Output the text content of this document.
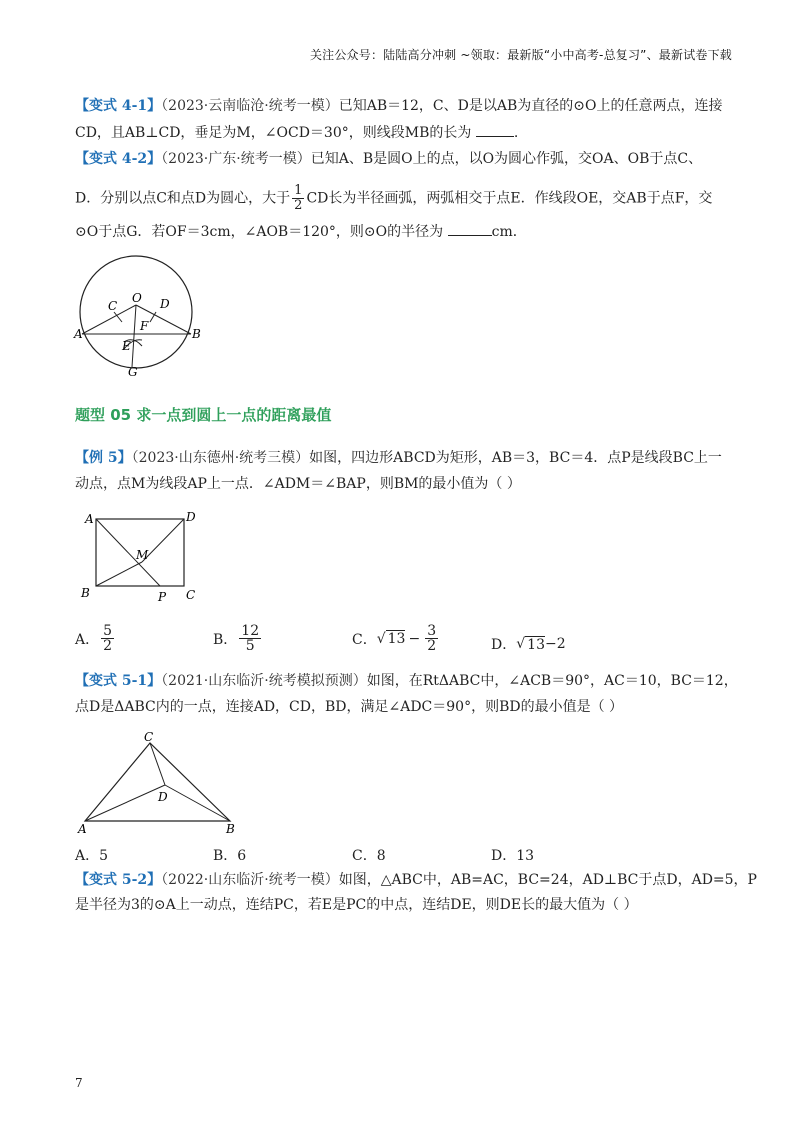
关注公众号：陆陆高分冲刺 ~领取：最新版“小中高考-总复习”、最新试卷下载
【变式 4-1】（2023·云南临沧·统考一模）已知AB＝12，C、D是以AB为直径的⊙O上的任意两点，连接
CD，且AB⊥CD，垂足为M，∠OCD＝30°，则线段MB的长为	.
【变式 4-2】（2023·广东·统考一模）已知A、B是圆O上的点，以O为圆心作弧，交OA、OB于点C、
D．分别以点C和点D为圆心，大于 $\frac{1}{2}$ CD长为半径画弧，两弧相交于点E．作线段OE，交AB于点F，交
⊙O于点G．若OF＝3cm，∠AOB＝120°，则⊙O的半径为	cm．
O
C	D
A	B
F
E
G
题型 05 求一点到圆上一点的距离最值
【例 5】（2023·山东德州·统考三模）如图，四边形ABCD为矩形，AB＝3，BC＝4．点P是线段BC上一
动点，点M为线段AP上一点．∠ADM＝∠BAP，则BM的最小值为（ ）
A	D
M
B	P C
A． $\frac{5}{2}$	B． $\frac{12}{5}$	C． √ $13 - \frac{3}{2}$	D． √ 13 −2
【变式 5-1】（2021·山东临沂·统考模拟预测）如图，在RtΔABC中，∠ACB＝90°，AC＝10，BC＝12，
点D是ΔABC内的一点，连接AD，CD，BD，满足∠ADC＝90°，则BD的最小值是（ ）
C
D
A	B
A．5	B．6	C．8	D．13
【变式 5-2】（2022·山东临沂·统考一模）如图，△ABC中，AB=AC，BC=24，AD⊥BC于点D，AD=5，P
是半径为3的⊙A上一动点，连结PC，若E是PC的中点，连结DE，则DE长的最大值为（ ）
7
